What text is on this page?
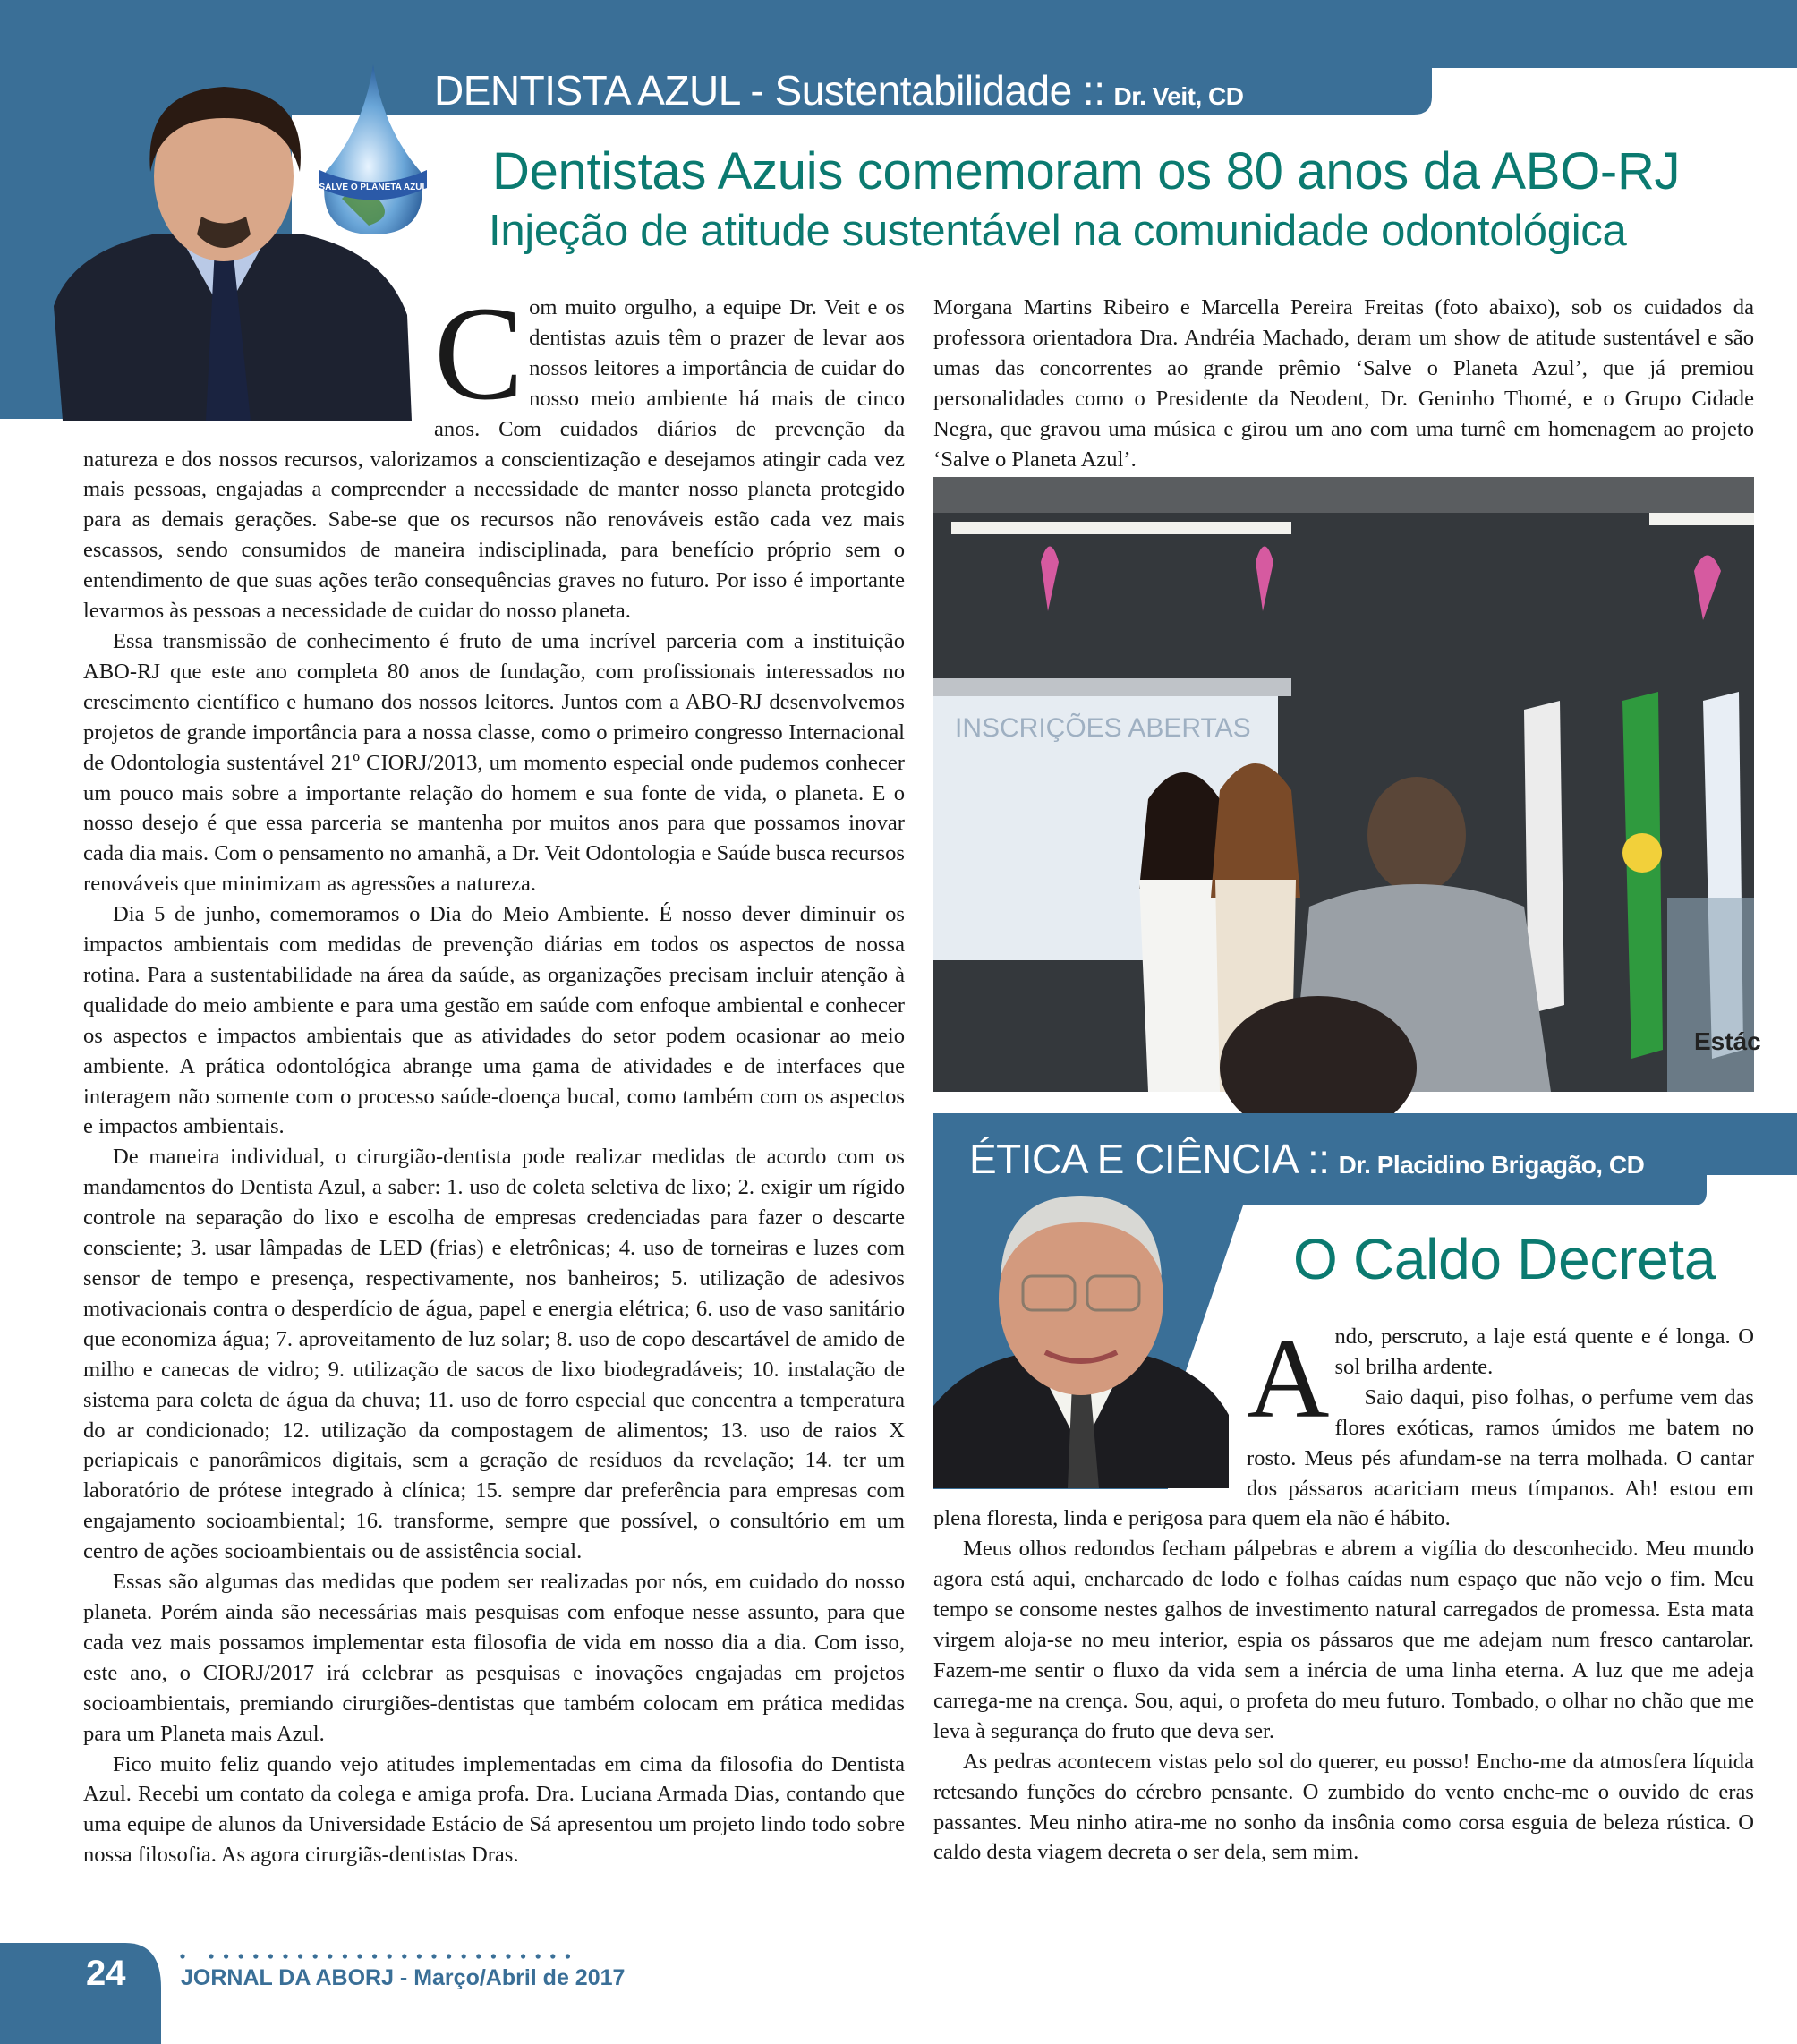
SALVE O PLANETA AZUL
DENTISTA AZUL - Sustentabilidade :: Dr. Veit, CD
Dentistas Azuis comemoram os 80 anos da ABO-RJ
Injeção de atitude sustentável na comunidade odontológica

Com muito orgulho, a equipe Dr. Veit e os dentistas azuis têm o prazer de levar aos nossos leitores a importância de cuidar do nosso meio ambiente há mais de cinco anos. Com cuidados diários de prevenção da natureza e dos nossos recursos, valorizamos a conscientização e desejamos atingir cada vez mais pessoas, engajadas a compreender a necessidade de manter nosso planeta protegido para as demais gerações. Sabe-se que os recursos não renováveis estão cada vez mais escassos, sendo consumidos de maneira indisciplinada, para benefício próprio sem o entendimento de que suas ações terão consequências graves no futuro. Por isso é importante levarmos às pessoas a necessidade de cuidar do nosso planeta.

Essa transmissão de conhecimento é fruto de uma incrível parceria com a instituição ABO-RJ que este ano completa 80 anos de fundação, com profissionais interessados no crescimento científico e humano dos nossos leitores. Juntos com a ABO-RJ desenvolvemos projetos de grande importância para a nossa classe, como o primeiro congresso Internacional de Odontologia sustentável 21º CIORJ/2013, um momento especial onde pudemos conhecer um pouco mais sobre a importante relação do homem e sua fonte de vida, o planeta. E o nosso desejo é que essa parceria se mantenha por muitos anos para que possamos inovar cada dia mais. Com o pensamento no amanhã, a Dr. Veit Odontologia e Saúde busca recursos renováveis que minimizam as agressões a natureza.

Dia 5 de junho, comemoramos o Dia do Meio Ambiente. É nosso dever diminuir os impactos ambientais com medidas de prevenção diárias em todos os aspectos de nossa rotina. Para a sustentabilidade na área da saúde, as organizações precisam incluir atenção à qualidade do meio ambiente e para uma gestão em saúde com enfoque ambiental e conhecer os aspectos e impactos ambientais que as atividades do setor podem ocasionar ao meio ambiente. A prática odontológica abrange uma gama de atividades e de interfaces que interagem não somente com o processo saúde-doença bucal, como também com os aspectos e impactos ambientais.

De maneira individual, o cirurgião-dentista pode realizar medidas de acordo com os mandamentos do Dentista Azul, a saber: 1. uso de coleta seletiva de lixo; 2. exigir um rígido controle na separação do lixo e escolha de empresas credenciadas para fazer o descarte consciente; 3. usar lâmpadas de LED (frias) e eletrônicas; 4. uso de torneiras e luzes com sensor de tempo e presença, respectivamente, nos banheiros; 5. utilização de adesivos motivacionais contra o desperdício de água, papel e energia elétrica; 6. uso de vaso sanitário que economiza água; 7. aproveitamento de luz solar; 8. uso de copo descartável de amido de milho e canecas de vidro; 9. utilização de sacos de lixo biodegradáveis; 10. instalação de sistema para coleta de água da chuva; 11. uso de forro especial que concentra a temperatura do ar condicionado; 12. utilização da compostagem de alimentos; 13. uso de raios X periapicais e panorâmicos digitais, sem a geração de resíduos da revelação; 14. ter um laboratório de prótese integrado à clínica; 15. sempre dar preferência para empresas com engajamento socioambiental; 16. transforme, sempre que possível, o consultório em um centro de ações socioambientais ou de assistência social.

Essas são algumas das medidas que podem ser realizadas por nós, em cuidado do nosso planeta. Porém ainda são necessárias mais pesquisas com enfoque nesse assunto, para que cada vez mais possamos implementar esta filosofia de vida em nosso dia a dia. Com isso, este ano, o CIORJ/2017 irá celebrar as pesquisas e inovações engajadas em projetos socioambientais, premiando cirurgiões-dentistas que também colocam em prática medidas para um Planeta mais Azul.

Fico muito feliz quando vejo atitudes implementadas em cima da filosofia do Dentista Azul. Recebi um contato da colega e amiga profa. Dra. Luciana Armada Dias, contando que uma equipe de alunos da Universidade Estácio de Sá apresentou um projeto lindo todo sobre nossa filosofia. As agora cirurgiãs-dentistas Dras.

Morgana Martins Ribeiro e Marcella Pereira Freitas (foto abaixo), sob os cuidados da professora orientadora Dra. Andréia Machado, deram um show de atitude sustentável e são umas das concorrentes ao grande prêmio ‘Salve o Planeta Azul’, que já premiou personalidades como o Presidente da Neodent, Dr. Geninho Thomé, e o Grupo Cidade Negra, que gravou uma música e girou um ano com uma turnê em homenagem ao projeto ‘Salve o Planeta Azul’.

Estác
INSCRIÇÕES ABERTAS
ÉTICA E CIÊNCIA :: Dr. Placidino Brigagão, CD
O Caldo Decreta

Ando, perscruto, a laje está quente e é longa. O sol brilha ardente.
Saio daqui, piso folhas, o perfume vem das flores exóticas, ramos úmidos me batem no rosto. Meus pés afundam-se na terra molhada. O cantar dos pássaros acariciam meus tímpanos. Ah! estou em plena floresta, linda e perigosa para quem ela não é hábito.

Meus olhos redondos fecham pálpebras e abrem a vigília do desconhecido. Meu mundo agora está aqui, encharcado de lodo e folhas caídas num espaço que não vejo o fim. Meu tempo se consome nestes galhos de investimento natural carregados de promessa. Esta mata virgem aloja-se no meu interior, espia os pássaros que me adejam num fresco cantarolar. Fazem-me sentir o fluxo da vida sem a inércia de uma linha eterna. A luz que me adeja carrega-me na crença. Sou, aqui, o profeta do meu futuro. Tombado, o olhar no chão que me leva à segurança do fruto que deva ser.

As pedras acontecem vistas pelo sol do querer, eu posso! Encho-me da atmosfera líquida retesando funções do cérebro pensante. O zumbido do vento enche-me o ouvido de eras passantes. Meu ninho atira-me no sonho da insônia como corsa esguia de beleza rústica. O caldo desta viagem decreta o ser dela, sem mim.

24 JORNAL DA ABORJ - Março/Abril de 2017
